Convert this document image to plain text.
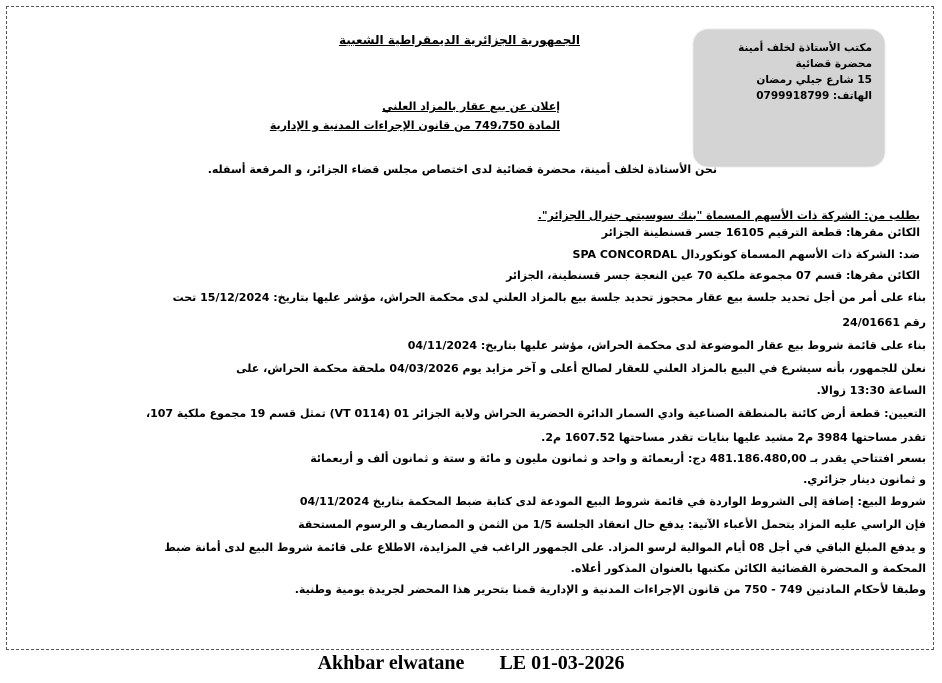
الجمهورية الجزائرية الديمقراطية الشعبية
مكتب الأستاذة لخلف أمينة
محضرة قضائية
15 شارع جيلي رمضان
الهاتف: 0799918799
إعلان عن بيع عقار بالمزاد العلني
المادة 749،750 من قانون الإجراءات المدنية و الإدارية
نحن الأستاذة لخلف أمينة، محضرة قضائية لدى اختصاص مجلس قضاء الجزائر، و المرقعة أسفله.
بطلب من: الشركة ذات الأسهم المسماة "بنك سوسيتي جنرال الجزائر".
الكائن مقرها: قطعة الترقيم 16105 جسر قسنطينة الجزائر
ضد: الشركة ذات الأسهم المسماة كونكوردال SPA CONCORDAL
الكائن مقرها: قسم 07 مجموعة ملكية 70 عين النعجة جسر قسنطينة، الجزائر
بناء على أمر من أجل تحديد جلسة بيع عقار محجوز تحديد جلسة بيع بالمزاد العلني لدى محكمة الحراش، مؤشر عليها بتاريخ: 15/12/2024 تحت
رقم 24/01661
بناء على قائمة شروط بيع عقار الموضوعة لدى محكمة الحراش، مؤشر عليها بتاريخ: 04/11/2024
نعلن للجمهور، بأنه سيشرع في البيع بالمزاد العلني للعقار لصالح أعلى و آخر مزايد يوم 04/03/2026 ملحقة محكمة الحراش، على
الساعة 13:30 زوالا.
التعيين: قطعة أرض كائنة بالمنطقة الصناعية وادي السمار الدائرة الحضرية الحراش ولاية الجزائر 01 (VT 0114) تمثل قسم 19 مجموع ملكية 107،
تقدر مساحتها 3984 م2 مشيد عليها بنايات تقدر مساحتها 1607.52 م2.
بسعر افتتاحي يقدر بـ 481.186.480,00 دج: أربعمائة و واحد و ثمانون مليون و مائة و ستة و ثمانون ألف و أربعمائة
و ثمانون دينار جزائري.
شروط البيع: إضافة إلى الشروط الواردة في قائمة شروط البيع المودعة لدى كتابة ضبط المحكمة بتاريخ 04/11/2024
فإن الراسي عليه المزاد يتحمل الأعباء الآتية: يدفع حال انعقاد الجلسة 1/5 من الثمن و المصاريف و الرسوم المستحقة
و يدفع المبلغ الباقي في أجل 08 أيام الموالية لرسو المزاد. على الجمهور الراغب في المزايدة، الاطلاع على قائمة شروط البيع لدى أمانة ضبط
المحكمة و المحضرة القضائية الكائن مكتبها بالعنوان المذكور أعلاه.
وطبقا لأحكام المادتين 749 - 750 من قانون الإجراءات المدنية و الإدارية قمنا بتحرير هذا المحضر لجريدة يومية وطنية.
Akhbar elwatane LE 01-03-2026
